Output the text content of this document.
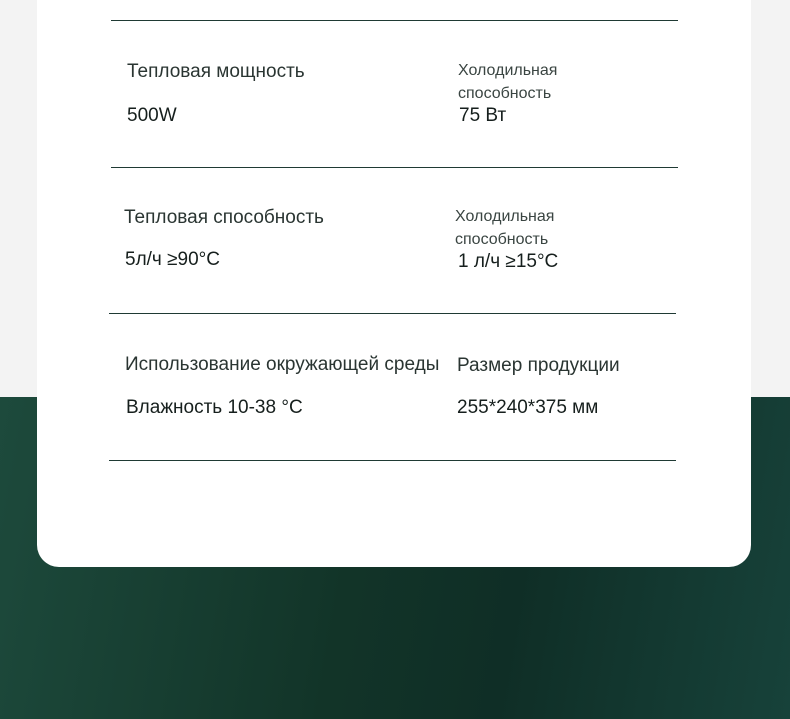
Тепловая мощность
500W
Холодильная способность
75 Вт
Тепловая способность
5л/ч ≥90°C
Холодильная способность
1 л/ч ≥15°C
Использование окружающей среды
Влажность 10-38 °C
Размер продукции
255*240*375 мм
